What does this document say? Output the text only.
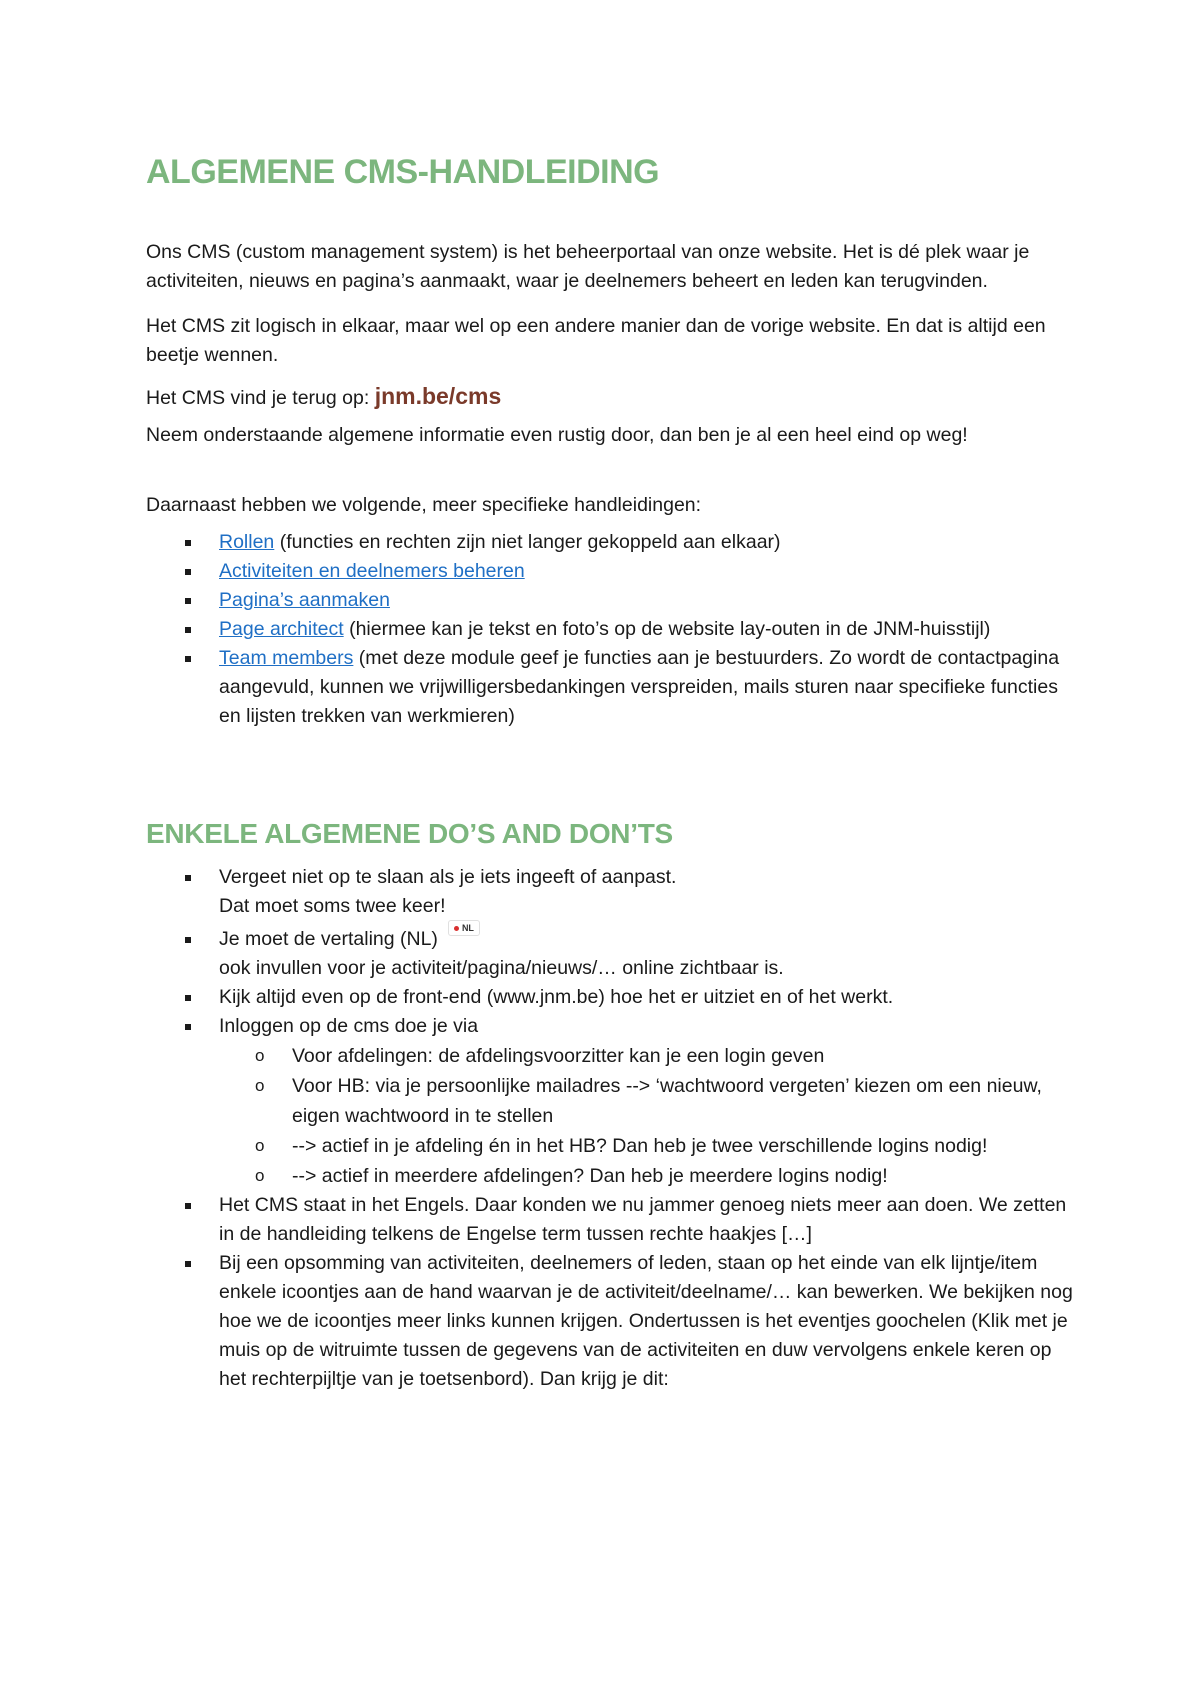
ALGEMENE CMS-HANDLEIDING

Ons CMS (custom management system) is het beheerportaal van onze website. Het is dé plek waar je activiteiten, nieuws en pagina’s aanmaakt, waar je deelnemers beheert en leden kan terugvinden.

Het CMS zit logisch in elkaar, maar wel op een andere manier dan de vorige website. En dat is altijd een beetje wennen.

Het CMS vind je terug op: jnm.be/cms

Neem onderstaande algemene informatie even rustig door, dan ben je al een heel eind op weg!

Daarnaast hebben we volgende, meer specifieke handleidingen:

Rollen (functies en rechten zijn niet langer gekoppeld aan elkaar)
Activiteiten en deelnemers beheren
Pagina’s aanmaken
Page architect (hiermee kan je tekst en foto’s op de website lay-outen in de JNM-huisstijl)
Team members (met deze module geef je functies aan je bestuurders. Zo wordt de contactpagina aangevuld, kunnen we vrijwilligersbedankingen verspreiden, mails sturen naar specifieke functies en lijsten trekken van werkmieren)
ENKELE ALGEMENE DO’S AND DON’TS
Vergeet niet op te slaan als je iets ingeeft of aanpast.
Dat moet soms twee keer!
Je moet de vertaling (NL)	NL
ook invullen voor je activiteit/pagina/nieuws/… online zichtbaar is.
Kijk altijd even op de front-end (www.jnm.be) hoe het er uitziet en of het werkt.
Inloggen op de cms doe je via
o Voor afdelingen: de afdelingsvoorzitter kan je een login geven
o Voor HB: via je persoonlijke mailadres --> ‘wachtwoord vergeten’ kiezen om een nieuw, eigen wachtwoord in te stellen
o --> actief in je afdeling én in het HB? Dan heb je twee verschillende logins nodig!
o --> actief in meerdere afdelingen? Dan heb je meerdere logins nodig!
Het CMS staat in het Engels. Daar konden we nu jammer genoeg niets meer aan doen. We zetten in de handleiding telkens de Engelse term tussen rechte haakjes […]
Bij een opsomming van activiteiten, deelnemers of leden, staan op het einde van elk lijntje/item enkele icoontjes aan de hand waarvan je de activiteit/deelname/… kan bewerken. We bekijken nog hoe we de icoontjes meer links kunnen krijgen. Ondertussen is het eventjes goochelen (Klik met je muis op de witruimte tussen de gegevens van de activiteiten en duw vervolgens enkele keren op het rechterpijltje van je toetsenbord). Dan krijg je dit:
